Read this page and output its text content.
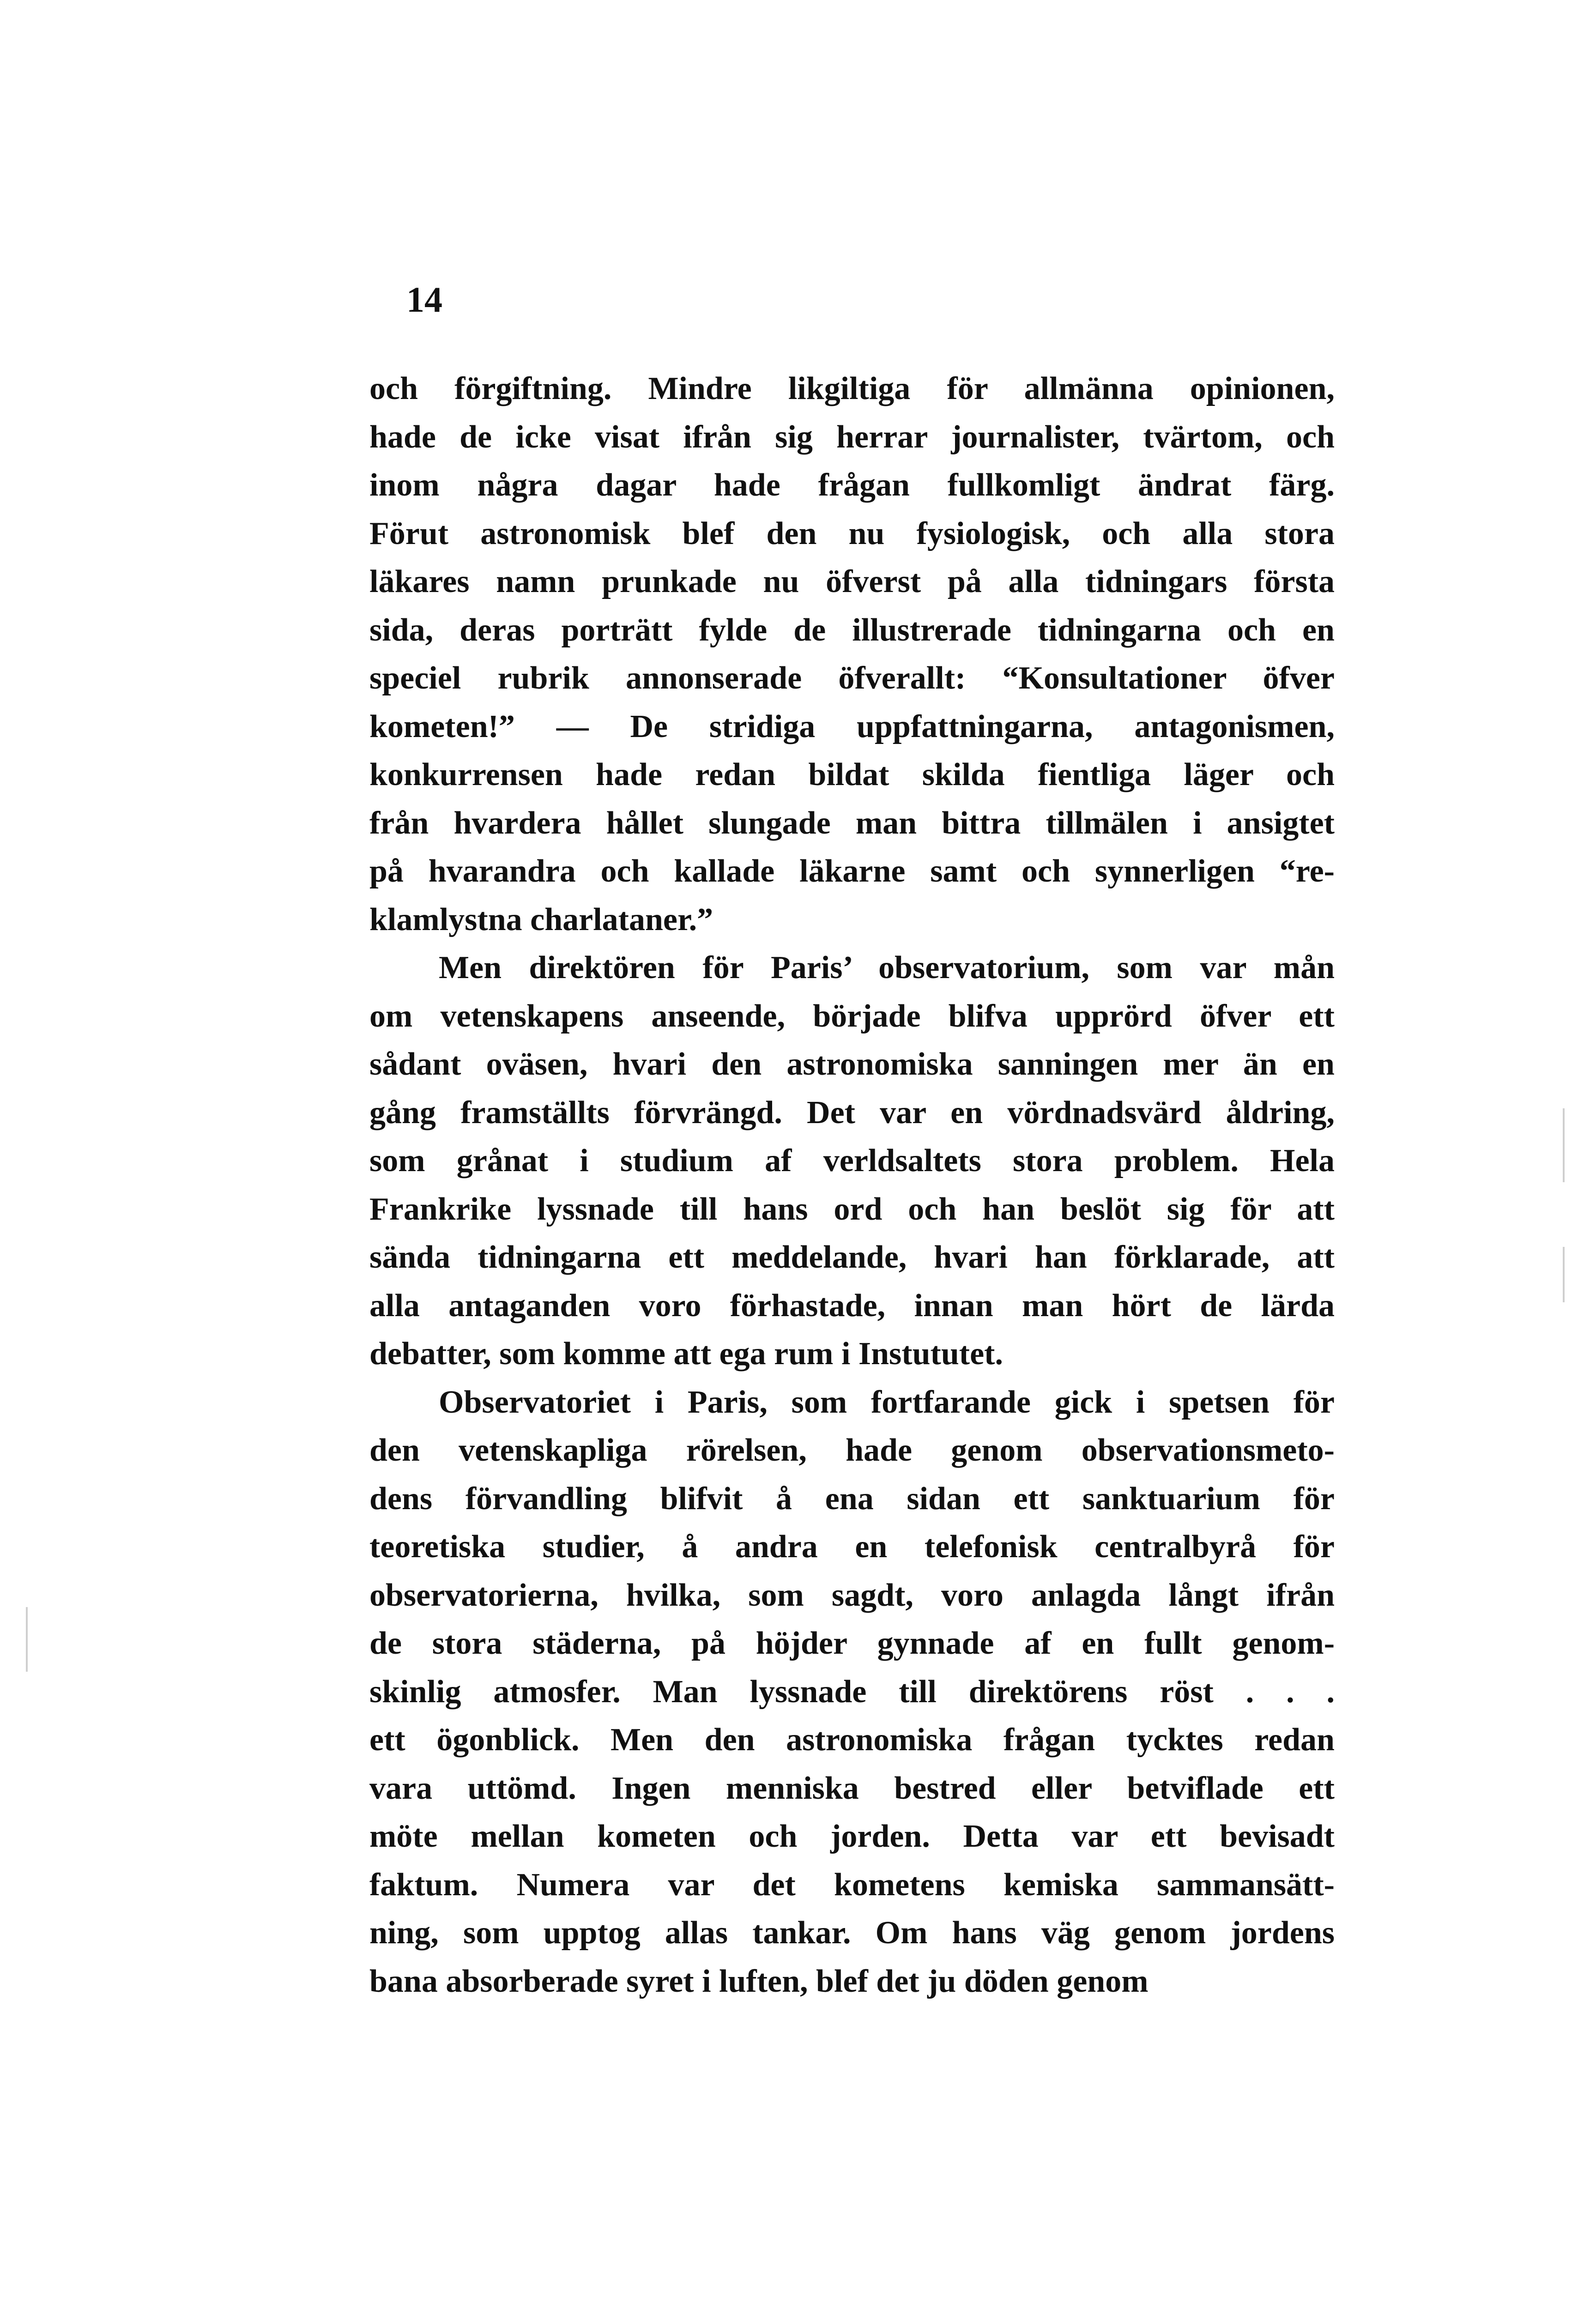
14
och förgiftning. Mindre likgiltiga för allmänna opinionen,
hade de icke visat ifrån sig herrar journalister, tvärtom, och
inom några dagar hade frågan fullkomligt ändrat färg.
Förut astronomisk blef den nu fysiologisk, och alla stora
läkares namn prunkade nu öfverst på alla tidningars första
sida, deras porträtt fylde de illustrerade tidningarna och en
speciel rubrik annonserade öfverallt: “Konsultationer öfver
kometen!” — De stridiga uppfattningarna, antagonismen,
konkurrensen hade redan bildat skilda fientliga läger och
från hvardera hållet slungade man bittra tillmälen i ansigtet
på hvarandra och kallade läkarne samt och synnerligen “re-
klamlystna charlataner.”
Men direktören för Paris’ observatorium, som var mån
om vetenskapens anseende, började blifva upprörd öfver ett
sådant oväsen, hvari den astronomiska sanningen mer än en
gång framställts förvrängd. Det var en vördnadsvärd åldring,
som grånat i studium af verldsaltets stora problem. Hela
Frankrike lyssnade till hans ord och han beslöt sig för att
sända tidningarna ett meddelande, hvari han förklarade, att
alla antaganden voro förhastade, innan man hört de lärda
debatter, som komme att ega rum i Instututet.
Observatoriet i Paris, som fortfarande gick i spetsen för
den vetenskapliga rörelsen, hade genom observationsmeto-
dens förvandling blifvit å ena sidan ett sanktuarium för
teoretiska studier, å andra en telefonisk centralbyrå för
observatorierna, hvilka, som sagdt, voro anlagda långt ifrån
de stora städerna, på höjder gynnade af en fullt genom-
skinlig atmosfer. Man lyssnade till direktörens röst . . .
ett ögonblick. Men den astronomiska frågan tycktes redan
vara uttömd. Ingen menniska bestred eller betviflade ett
möte mellan kometen och jorden. Detta var ett bevisadt
faktum. Numera var det kometens kemiska sammansätt-
ning, som upptog allas tankar. Om hans väg genom jordens
bana absorberade syret i luften, blef det ju döden genom
